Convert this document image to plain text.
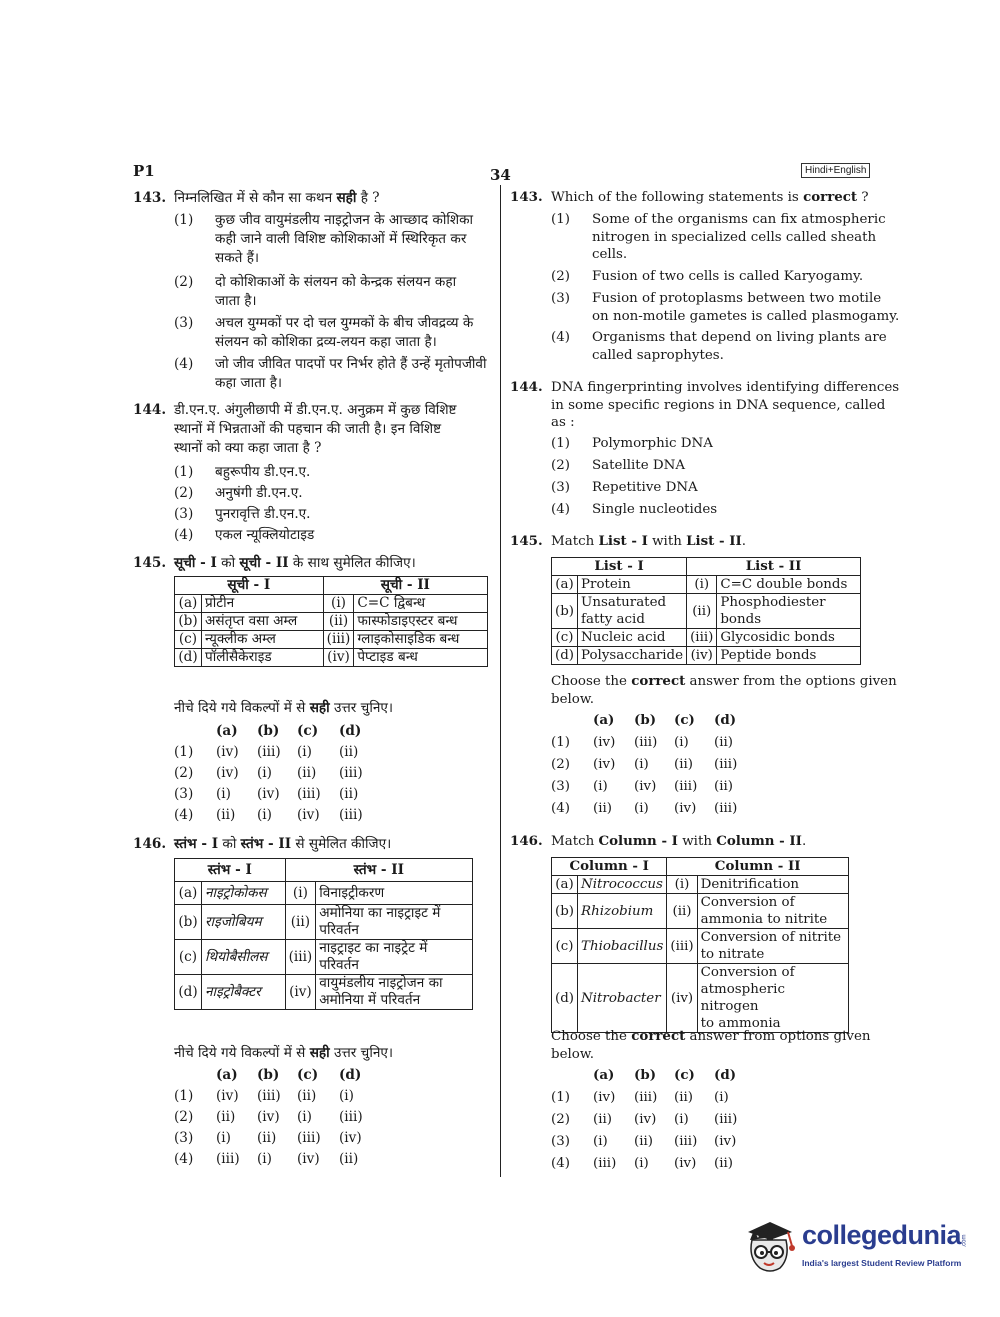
P1	34	Hindi+English
143. निम्नलिखित में से कौन सा कथन सही है ?
(1) कुछ जीव वायुमंडलीय नाइट्रोजन के आच्छाद कोशिका
कही जाने वाली विशिष्ट कोशिकाओं में स्थिरिकृत कर
सकते हैं।
(2) दो कोशिकाओं के संलयन को केन्द्रक संलयन कहा
जाता है।
(3) अचल युग्मकों पर दो चल युग्मकों के बीच जीवद्रव्य के
संलयन को कोशिका द्रव्य-लयन कहा जाता है।
(4) जो जीव जीवित पादपों पर निर्भर होते हैं उन्हें मृतोपजीवी
कहा जाता है।
144. डी.एन.ए. अंगुलीछापी में डी.एन.ए. अनुक्रम में कुछ विशिष्ट
स्थानों में भिन्नताओं की पहचान की जाती है। इन विशिष्ट
स्थानों को क्या कहा जाता है ?
(1) बहुरूपीय डी.एन.ए.
(2) अनुषंगी डी.एन.ए.
(3) पुनरावृत्ति डी.एन.ए.
(4) एकल न्यूक्लियोटाइड
145. सूची - I को सूची - II के साथ सुमेलित कीजिए।
सूची - I		सूची - II	
(a)	प्रोटीन	(i)	C=C द्विबन्ध
(b)	असंतृप्त वसा अम्ल	(ii)	फास्फोडाइएस्टर बन्ध
(c)	न्यूक्लीक अम्ल	(iii)	ग्लाइकोसाइडिक बन्ध
(d)	पॉलीसैकेराइड	(iv)	पेप्टाइड बन्ध
नीचे दिये गये विकल्पों में से सही उत्तर चुनिए।
(a) (b) (c) (d)
(1) (iv) (iii) (i) (ii)
(2) (iv) (i) (ii) (iii)
(3) (i) (iv) (iii) (ii)
(4) (ii) (i) (iv) (iii)
146. स्तंभ - I को स्तंभ - II से सुमेलित कीजिए।
स्तंभ - I		स्तंभ - II	
(a)	नाइट्रोकोकस	(i)	विनाइट्रीकरण

(b)	राइजोबियम	(ii)	अमोनिया का नाइट्राइट में
परिवर्तन

(c)	थियोबैसीलस	(iii)	नाइट्राइट का नाइट्रेट में
परिवर्तन

(d)	नाइट्रोबैक्टर	(iv)	वायुमंडलीय नाइट्रोजन का
अमोनिया में परिवर्तन
नीचे दिये गये विकल्पों में से सही उत्तर चुनिए।
(a) (b) (c) (d)
(1) (iv) (iii) (ii) (i)
(2) (ii) (iv) (i) (iii)
(3) (i) (ii) (iii) (iv)
(4) (iii) (i) (iv) (ii)
143. Which of the following statements is correct ?
(1) Some of the organisms can fix atmospheric
nitrogen in specialized cells called sheath
cells.
(2) Fusion of two cells is called Karyogamy.
(3) Fusion of protoplasms between two motile
on non-motile gametes is called plasmogamy.
(4) Organisms that depend on living plants are
called saprophytes.
144. DNA fingerprinting involves identifying differences
in some specific regions in DNA sequence, called
as :
(1) Polymorphic DNA
(2) Satellite DNA
(3) Repetitive DNA
(4) Single nucleotides
145. Match List - I with List - II.
List - I		List - II	
(a)	Protein	(i)	C=C double bonds
(b)	Unsaturated
fatty acid	(ii)	Phosphodiester bonds
(c)	Nucleic acid	(iii)	Glycosidic bonds
(d)	Polysaccharide	(iv)	Peptide bonds
Choose the correct answer from the options given
below.
(a) (b) (c) (d)
(1) (iv) (iii) (i) (ii)
(2) (iv) (i) (ii) (iii)
(3) (i) (iv) (iii) (ii)
(4) (ii) (i) (iv) (iii)
146. Match Column - I with Column - II.
Column - I		Column - II	
(a)	Nitrococcus	(i)	Denitrification
(b)	Rhizobium	(ii)	Conversion of
ammonia to nitrite

(c)	Thiobacillus	(iii)	Conversion of nitrite
to nitrate

(d)	Nitrobacter	(iv)	Conversion of
atmospheric nitrogen
to ammonia
Choose the correct answer from options given
below.
(a) (b) (c) (d)
(1) (iv) (iii) (ii) (i)
(2) (ii) (iv) (i) (iii)
(3) (i) (ii) (iii) (iv)
(4) (iii) (i) (iv) (ii)
collegedunia .com
India's largest Student Review Platform
